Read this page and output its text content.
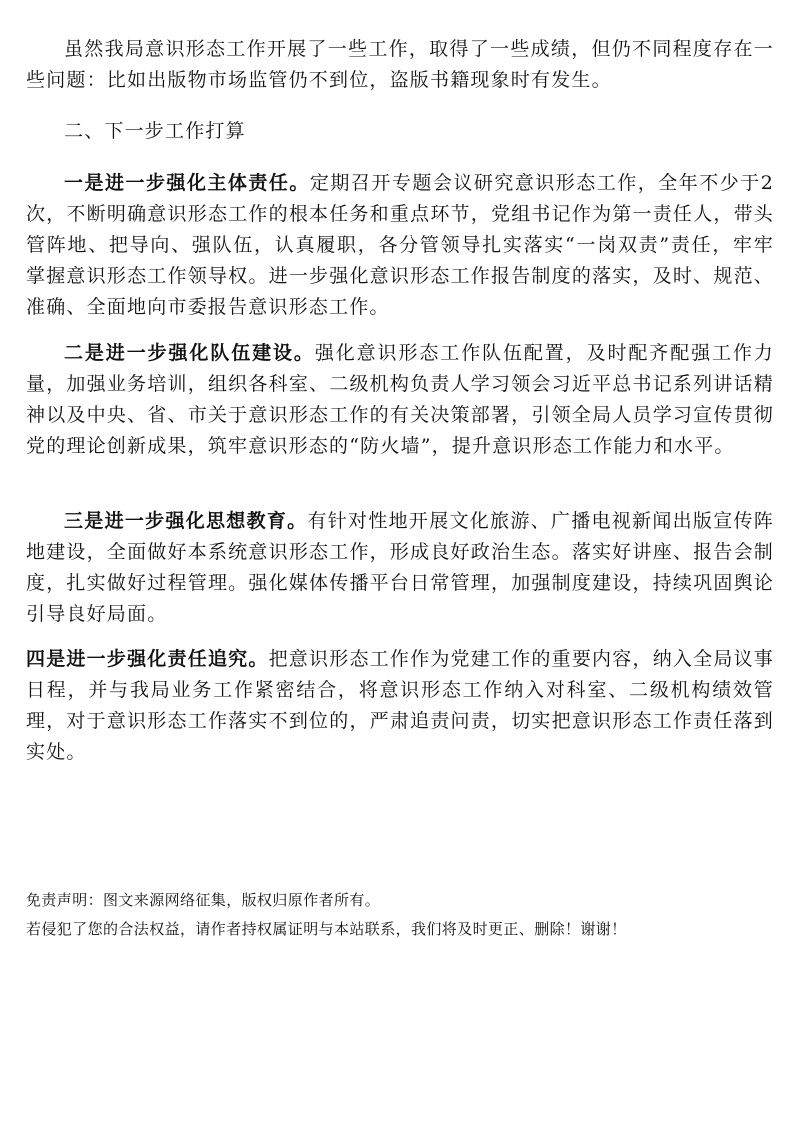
虽然我局意识形态工作开展了一些工作，取得了一些成绩，但仍不同程度存在一些问题：比如出版物市场监管仍不到位，盗版书籍现象时有发生。

二、下一步工作打算

一是进一步强化主体责任。定期召开专题会议研究意识形态工作，全年不少于2次，不断明确意识形态工作的根本任务和重点环节，党组书记作为第一责任人，带头管阵地、把导向、强队伍，认真履职，各分管领导扎实落实“一岗双责”责任，牢牢掌握意识形态工作领导权。进一步强化意识形态工作报告制度的落实，及时、规范、准确、全面地向市委报告意识形态工作。

二是进一步强化队伍建设。强化意识形态工作队伍配置，及时配齐配强工作力量，加强业务培训，组织各科室、二级机构负责人学习领会习近平总书记系列讲话精神以及中央、省、市关于意识形态工作的有关决策部署，引领全局人员学习宣传贯彻党的理论创新成果，筑牢意识形态的“防火墙”，提升意识形态工作能力和水平。

三是进一步强化思想教育。有针对性地开展文化旅游、广播电视新闻出版宣传阵地建设，全面做好本系统意识形态工作，形成良好政治生态。落实好讲座、报告会制度，扎实做好过程管理。强化媒体传播平台日常管理，加强制度建设，持续巩固舆论引导良好局面。

四是进一步强化责任追究。把意识形态工作作为党建工作的重要内容，纳入全局议事日程，并与我局业务工作紧密结合，将意识形态工作纳入对科室、二级机构绩效管理，对于意识形态工作落实不到位的，严肃追责问责，切实把意识形态工作责任落到实处。

免责声明：图文来源网络征集，版权归原作者所有。
若侵犯了您的合法权益，请作者持权属证明与本站联系，我们将及时更正、删除！谢谢！
